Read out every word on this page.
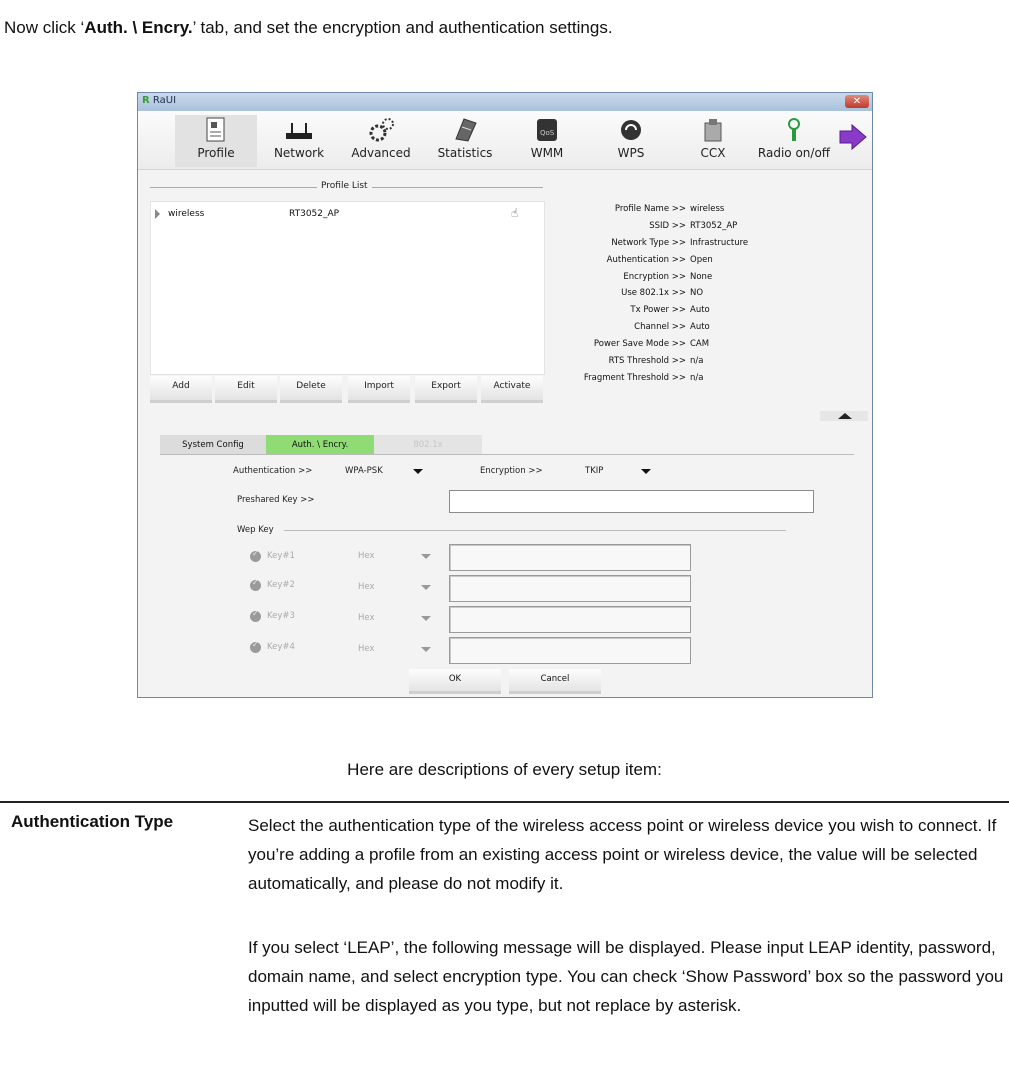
Now click ‘Auth. \ Encry.’ tab, and set the encryption and authentication settings.

R RaUI	✕
Profile	Network	Advanced	Statistics
QoS
WMM	WPS	CCX	Radio on/off
Profile List
wireless	RT3052_AP	☝
Add	Edit	Delete	Import	Export	Activate
Profile Name >> wireless
SSID >> RT3052_AP
Network Type >> Infrastructure
Authentication >> Open
Encryption >> None
Use 802.1x >> NO
Tx Power >> Auto
Channel >> Auto
Power Save Mode >> CAM
RTS Threshold >> n/a
Fragment Threshold >> n/a
System Config	Auth. \ Encry.	802.1x
Authentication >>	WPA-PSK	Encryption >>	TKIP
Preshared Key >>
Wep Key
✓
Key#1	Hex
✓
Key#2	Hex
✓
Key#3	Hex
✓
Key#4	Hex
OK	Cancel
Here are descriptions of every setup item:
Authentication Type	Select the authentication type of the wireless access point or wireless device you wish to connect. If you’re adding a profile from an existing access point or wireless device, the value will be selected automatically, and please do not modify it.

If you select ‘LEAP’, the following message will be displayed. Please input LEAP identity, password, domain name, and select encryption type. You can check ‘Show Password’ box so the password you inputted will be displayed as you type, but not replace by asterisk.
